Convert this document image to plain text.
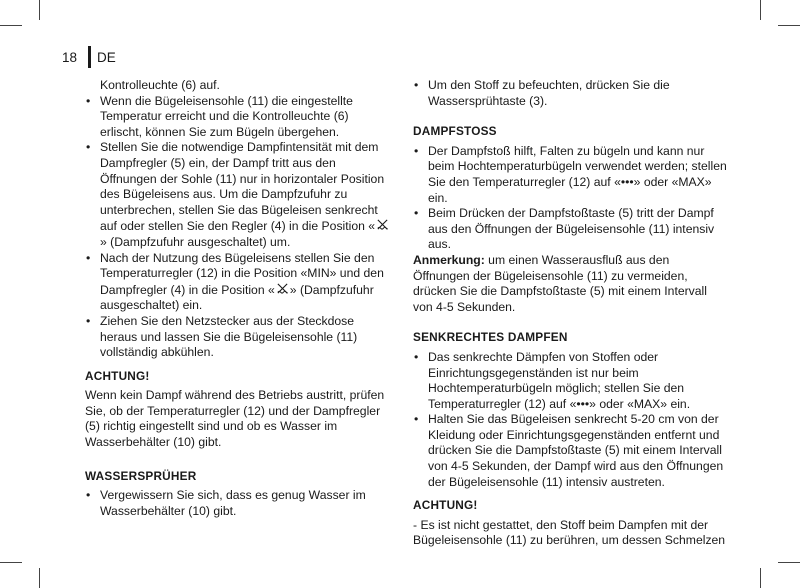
18	DE

Kontrolleuchte (6) auf.

• Wenn die Bügeleisensohle (11) die eingestellte Temperatur erreicht und die Kontrolleuchte (6) erlischt, können Sie zum Bügeln übergehen.
• Stellen Sie die notwendige Dampfintensität mit dem Dampfregler (5) ein, der Dampf tritt aus den Öffnungen der Sohle (11) nur in horizontaler Position des Bügeleisens aus. Um die Dampfzufuhr zu unterbrechen, stellen Sie das Bügeleisen senkrecht auf oder stellen Sie den Regler (4) in die Position «» (Dampfzufuhr ausgeschaltet) um.
• Nach der Nutzung des Bügeleisens stellen Sie den Temperaturregler (12) in die Position «MIN» und den Dampfregler (4) in die Position « » (Dampfzufuhr ausgeschaltet) ein.
• Ziehen Sie den Netzstecker aus der Steckdose heraus und lassen Sie die Bügeleisensohle (11) vollständig abkühlen.
ACHTUNG!

Wenn kein Dampf während des Betriebs austritt, prüfen Sie, ob der Temperaturregler (12) und der Dampfregler (5) richtig eingestellt sind und ob es Wasser im Wasserbehälter (10) gibt.

WASSERSPRÜHER
• Vergewissern Sie sich, dass es genug Wasser im Wasserbehälter (10) gibt.
• Um den Stoff zu befeuchten, drücken Sie die Wassersprühtaste (3).
DAMPFSTOSS
• Der Dampfstoß hilft, Falten zu bügeln und kann nur beim Hochtemperaturbügeln verwendet werden; stellen Sie den Temperaturregler (12) auf «•••» oder «MAX» ein.
• Beim Drücken der Dampfstoßtaste (5) tritt der Dampf aus den Öffnungen der Bügeleisensohle (11) intensiv aus.

Anmerkung: um einen Wasserausfluß aus den Öffnungen der Bügeleisensohle (11) zu vermeiden, drücken Sie die Dampfstoßtaste (5) mit einem Intervall von 4-5 Sekunden.

SENKRECHTES DAMPFEN
• Das senkrechte Dämpfen von Stoffen oder Einrichtungsgegenständen ist nur beim Hochtemperaturbügeln möglich; stellen Sie den Temperaturregler (12) auf «•••» oder «MAX» ein.
• Halten Sie das Bügeleisen senkrecht 5-20 cm von der Kleidung oder Einrichtungsgegenständen entfernt und drücken Sie die Dampfstoßtaste (5) mit einem Intervall von 4-5 Sekunden, der Dampf wird aus den Öffnungen der Bügeleisensohle (11) intensiv austreten.
ACHTUNG!

- Es ist nicht gestattet, den Stoff beim Dampfen mit der Bügeleisensohle (11) zu berühren, um dessen Schmelzen
